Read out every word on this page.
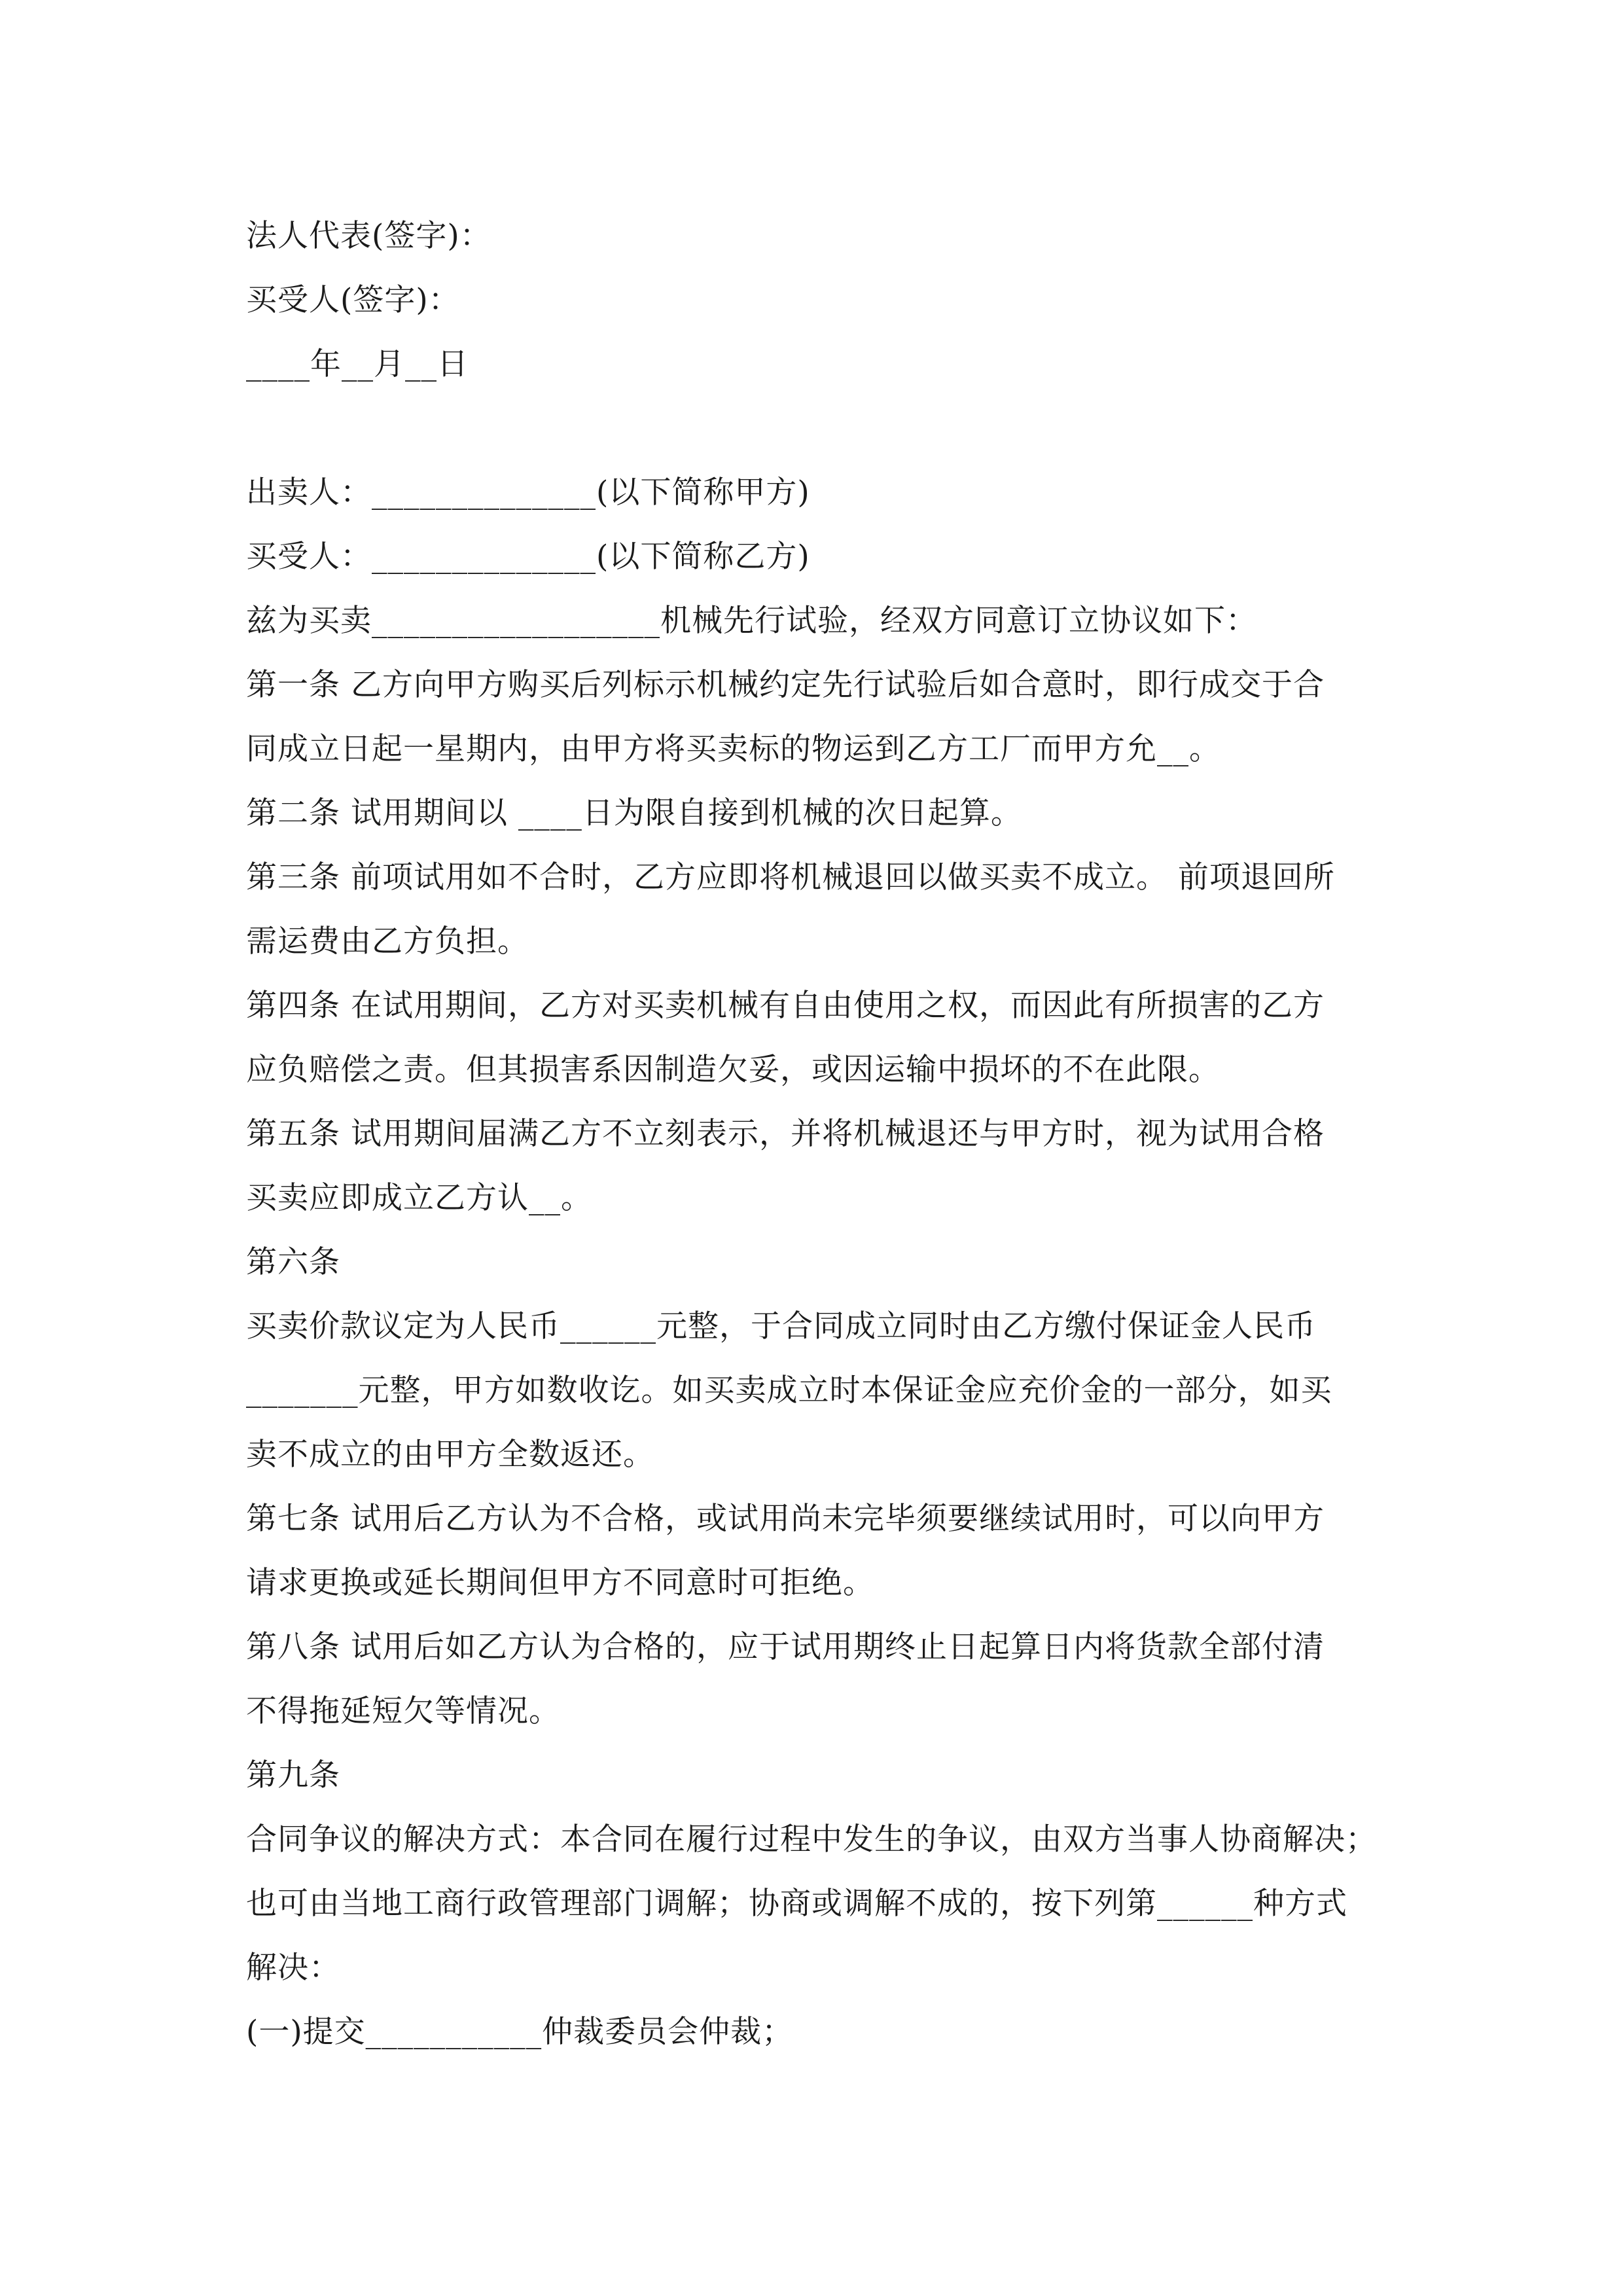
法人代表(签字)：
买受人(签字)：
____年__月__日
出卖人：______________(以下简称甲方)
买受人：______________(以下简称乙方)
兹为买卖__________________机械先行试验，经双方同意订立协议如下：
第一条 乙方向甲方购买后列标示机械约定先行试验后如合意时，即行成交于合
同成立日起一星期内，由甲方将买卖标的物运到乙方工厂而甲方允__。
第二条 试用期间以 ____日为限自接到机械的次日起算。
第三条 前项试用如不合时，乙方应即将机械退回以做买卖不成立。 前项退回所
需运费由乙方负担。
第四条 在试用期间，乙方对买卖机械有自由使用之权，而因此有所损害的乙方
应负赔偿之责。但其损害系因制造欠妥，或因运输中损坏的不在此限。
第五条 试用期间届满乙方不立刻表示，并将机械退还与甲方时，视为试用合格
买卖应即成立乙方认__。
第六条
买卖价款议定为人民币______元整，于合同成立同时由乙方缴付保证金人民币
_______元整，甲方如数收讫。如买卖成立时本保证金应充价金的一部分，如买
卖不成立的由甲方全数返还。
第七条 试用后乙方认为不合格，或试用尚未完毕须要继续试用时，可以向甲方
请求更换或延长期间但甲方不同意时可拒绝。
第八条 试用后如乙方认为合格的，应于试用期终止日起算日内将货款全部付清
不得拖延短欠等情况。
第九条
合同争议的解决方式：本合同在履行过程中发生的争议，由双方当事人协商解决；
也可由当地工商行政管理部门调解；协商或调解不成的，按下列第______种方式
解决：
(一)提交___________仲裁委员会仲裁；
